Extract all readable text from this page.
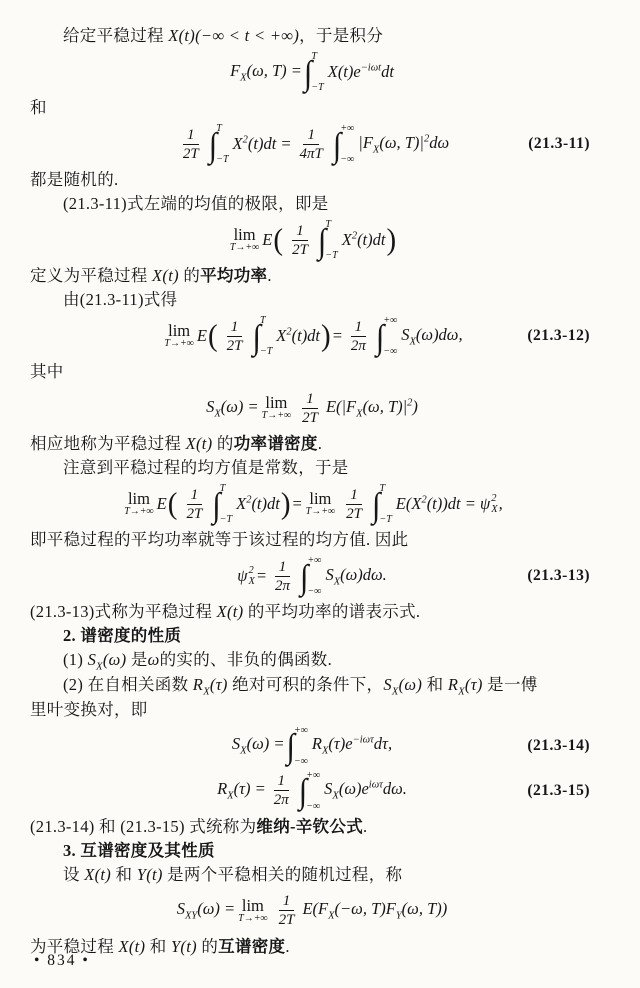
给定平稳过程 X(t)(−∞ < t < +∞)，于是积分
$F_X(\omega$, T) = ∫ T
−T
$X(t)e^{-i\omega t}dt$
和
$\frac{1}{2T}$ ∫ T
−T
$X^2(t)dt = \frac{1}{4\pi T}$ ∫ +∞
−∞
$|F_X(\omega$, $T)|^2d\omega$	(21.3-11)
都是随机的.
(21.3-11)式左端的均值的极限，即是
lim
T→+∞ E ( $\frac{1}{2T}$ ∫ T
−T
$X^2(t)dt$ )
定义为平稳过程 X(t) 的平均功率.
由(21.3-11)式得
lim
T→+∞ E ( $\frac{1}{2T}$ ∫ T
−T
$X^2(t)dt$ ) = $\frac{1}{2\pi}$ ∫ +∞
−∞
$S_X(\omega)d\omega$,	(21.3-12)
其中
$S_X(\omega) = \lim$
$T\to+\infty \frac{1}{2T} E(|F_X(\omega$, $T)|^2$)
相应地称为平稳过程 X(t) 的功率谱密度.
注意到平稳过程的均方值是常数，于是
lim
T→+∞ E ( $\frac{1}{2T}$ ∫ T
−T
$X^2(t)dt$ ) = lim
$T\to+\infty \frac{1}{2T}$ ∫ T
−T
$E(X^2(t))dt = \psi$ 2
X ,
即平稳过程的平均功率就等于该过程的均方值. 因此
ψ 2
$X = \frac{1}{2\pi}$ ∫ +∞
−∞
$S_X(\omega)d\omega$.	(21.3-13)
(21.3-13)式称为平稳过程 X(t) 的平均功率的谱表示式.
2. 谱密度的性质
(1) $S_X(\omega)$ 是ω的实的、非负的偶函数.
(2) 在自相关函数 $R_X(\tau)$ 绝对可积的条件下，$S_X(\omega)$ 和 $R_X(\tau)$ 是一傅
里叶变换对，即
$S_X(\omega)$ = ∫ +∞
−∞
$R_X(\tau)e^{-i\omega\tau}d\tau$,	(21.3-14)
$R_X(\tau) = \frac{1}{2\pi}$ ∫ +∞
−∞
$S_X(\omega)e^{i\omega\tau}d\omega$.	(21.3-15)
(21.3-14) 和 (21.3-15) 式统称为维纳-辛钦公式.
3. 互谱密度及其性质
设 X(t) 和 Y(t) 是两个平稳相关的随机过程，称
$S_{XY}(\omega) = \lim$
$T\to+\infty \frac{1}{2T} E(F_X(-\omega$, $T)F_Y(\omega$, T))
为平稳过程 X(t) 和 Y(t) 的互谱密度.
• 834 •
